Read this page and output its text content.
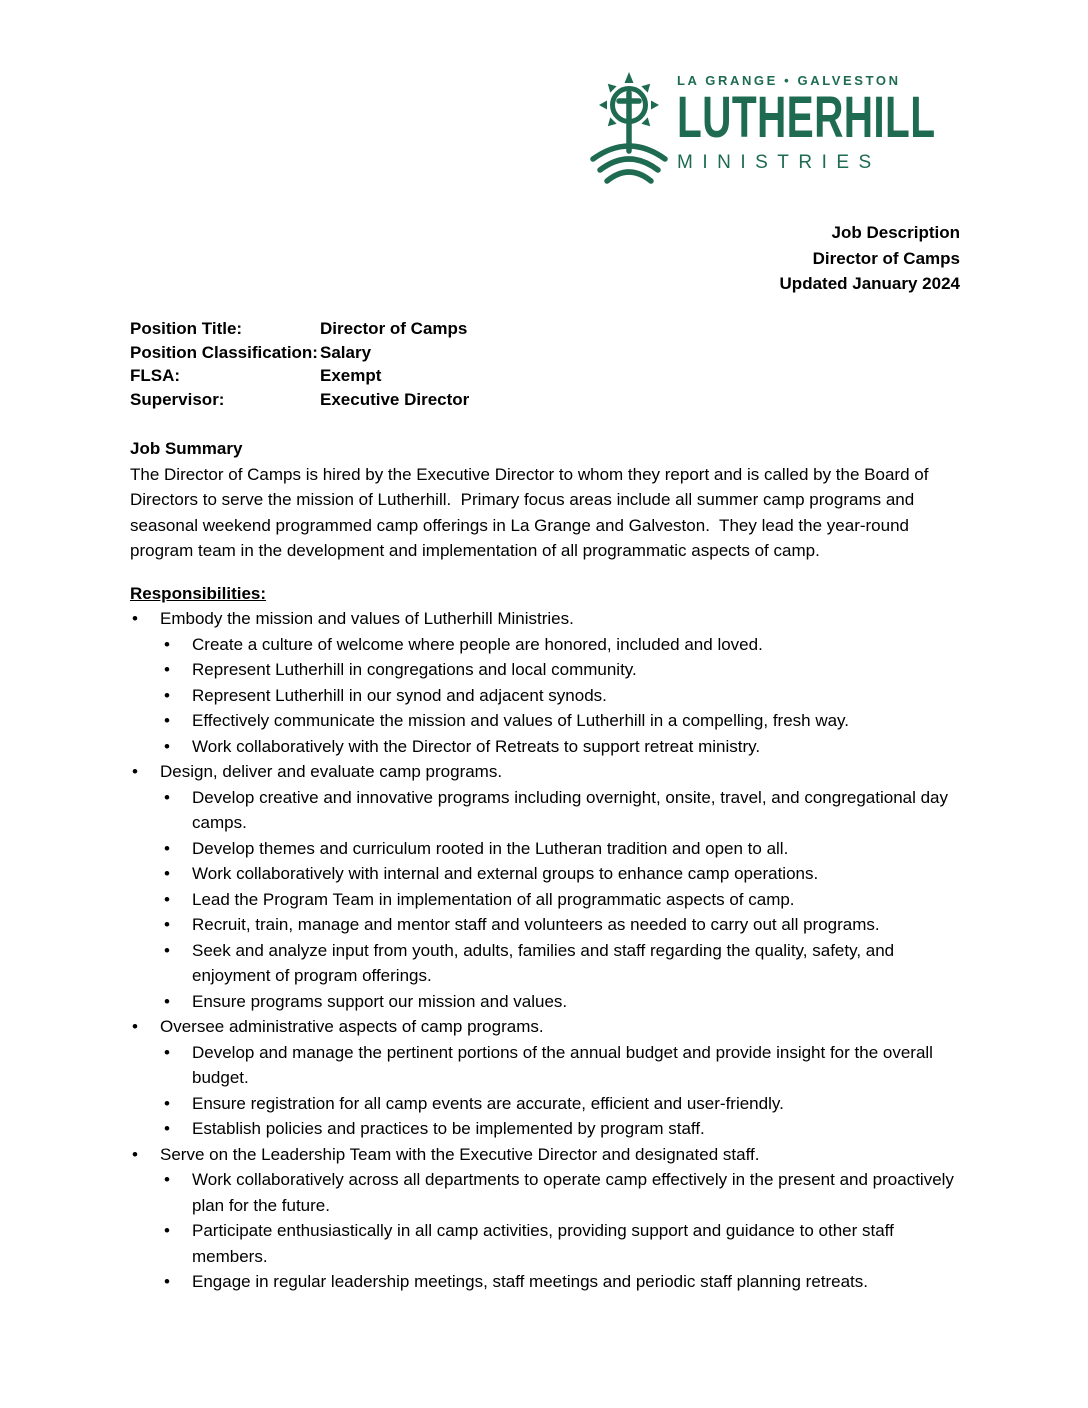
LA GRANGE • GALVESTON
LUTHERHILL
MINISTRIES
Job Description
Director of Camps
Updated January 2024
Position Title:	Director of Camps
Position Classification: Salary
FLSA:	Exempt
Supervisor:	Executive Director
Job Summary
The Director of Camps is hired by the Executive Director to whom they report and is called by the Board of Directors to serve the mission of Lutherhill.  Primary focus areas include all summer camp programs and seasonal weekend programmed camp offerings in La Grange and Galveston.  They lead the year-round program team in the development and implementation of all programmatic aspects of camp.
Responsibilities:
• Embody the mission and values of Lutherhill Ministries.
• Create a culture of welcome where people are honored, included and loved.
• Represent Lutherhill in congregations and local community.
• Represent Lutherhill in our synod and adjacent synods.
• Effectively communicate the mission and values of Lutherhill in a compelling, fresh way.
• Work collaboratively with the Director of Retreats to support retreat ministry.
• Design, deliver and evaluate camp programs.
• Develop creative and innovative programs including overnight, onsite, travel, and congregational day camps.
• Develop themes and curriculum rooted in the Lutheran tradition and open to all.
• Work collaboratively with internal and external groups to enhance camp operations.
• Lead the Program Team in implementation of all programmatic aspects of camp.
• Recruit, train, manage and mentor staff and volunteers as needed to carry out all programs.
• Seek and analyze input from youth, adults, families and staff regarding the quality, safety, and enjoyment of program offerings.
• Ensure programs support our mission and values.
• Oversee administrative aspects of camp programs.
• Develop and manage the pertinent portions of the annual budget and provide insight for the overall budget.
• Ensure registration for all camp events are accurate, efficient and user-friendly.
• Establish policies and practices to be implemented by program staff.
• Serve on the Leadership Team with the Executive Director and designated staff.
• Work collaboratively across all departments to operate camp effectively in the present and proactively plan for the future.
• Participate enthusiastically in all camp activities, providing support and guidance to other staff members.
• Engage in regular leadership meetings, staff meetings and periodic staff planning retreats.
